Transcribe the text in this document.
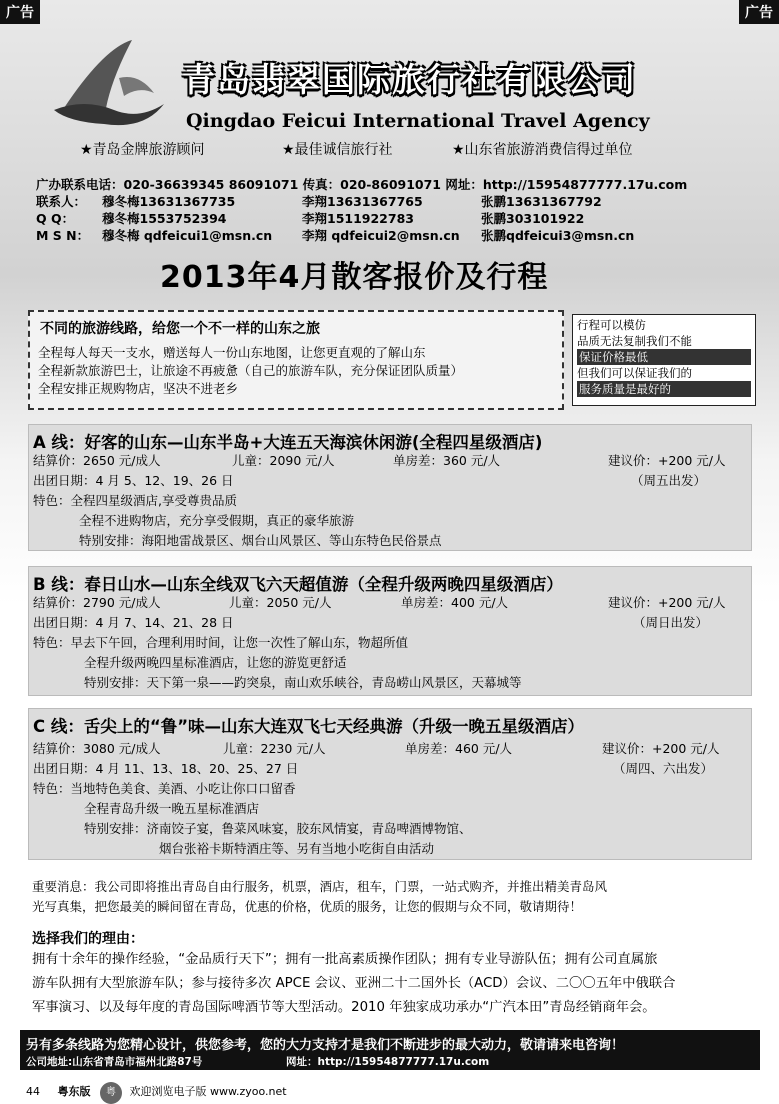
广告	广告
青岛翡翠国际旅行社有限公司
Qingdao Feicui International Travel Agency
★青岛金牌旅游顾问	★最佳诚信旅行社	★山东省旅游消费信得过单位
广办联系电话：020-36639345 86091071 传真：020-86091071 网址：http://15954877777.17u.com
联系人： 穆冬梅13631367735	李翔13631367765	张鹏13631367792
Q Q： 穆冬梅1553752394	李翔1511922783	张鹏303101922
M S N： 穆冬梅 qdfeicui1@msn.cn 李翔 qdfeicui2@msn.cn 张鹏qdfeicui3@msn.cn
2013年4月散客报价及行程
不同的旅游线路，给您一个不一样的山东之旅
全程每人每天一支水，赠送每人一份山东地图，让您更直观的了解山东
全程新款旅游巴士，让旅途不再疲惫（自己的旅游车队，充分保证团队质量）
全程安排正规购物店，坚决不进老乡
行程可以模仿
品质无法复制我们不能
保证价格最低
但我们可以保证我们的
服务质量是最好的
A 线：好客的山东—山东半岛+大连五天海滨休闲游(全程四星级酒店)
结算价：2650 元/成人	儿童：2090 元/人	单房差：360 元/人	建议价：+200 元/人
出团日期：4 月 5、12、19、26 日	（周五出发）
特色：全程四星级酒店,享受尊贵品质
全程不进购物店，充分享受假期，真正的豪华旅游
特别安排：海阳地雷战景区、烟台山风景区、等山东特色民俗景点
B 线：春日山水—山东全线双飞六天超值游（全程升级两晚四星级酒店）
结算价：2790 元/成人	儿童：2050 元/人	单房差：400 元/人	建议价：+200 元/人
出团日期：4 月 7、14、21、28 日	（周日出发）
特色：早去下午回，合理利用时间，让您一次性了解山东，物超所值
全程升级两晚四星标准酒店，让您的游览更舒适
特别安排：天下第一泉——趵突泉，南山欢乐峡谷，青岛崂山风景区，天幕城等
C 线：舌尖上的“鲁”味—山东大连双飞七天经典游（升级一晚五星级酒店）
结算价：3080 元/成人	儿童：2230 元/人	单房差：460 元/人	建议价：+200 元/人
出团日期：4 月 11、13、18、20、25、27 日	（周四、六出发）
特色：当地特色美食、美酒、小吃让你口口留香
全程青岛升级一晚五星标准酒店
特别安排：济南饺子宴，鲁菜风味宴，胶东风情宴，青岛啤酒博物馆、
烟台张裕卡斯特酒庄等、另有当地小吃街自由活动
重要消息：我公司即将推出青岛自由行服务，机票，酒店，租车，门票，一站式购齐，并推出精美青岛风
光写真集，把您最美的瞬间留在青岛，优惠的价格，优质的服务，让您的假期与众不同，敬请期待！
选择我们的理由：
拥有十余年的操作经验，“金品质行天下”；拥有一批高素质操作团队；拥有专业导游队伍；拥有公司直属旅
游车队拥有大型旅游车队；参与接待多次 APCE 会议、亚洲二十二国外长（ACD）会议、二〇〇五年中俄联合
军事演习、以及每年度的青岛国际啤酒节等大型活动。2010 年独家成功承办“广汽本田”青岛经销商年会。
另有多条线路为您精心设计，供您参考，您的大力支持才是我们不断进步的最大动力，敬请请来电咨询！
公司地址:山东省青岛市福州北路87号	网址：http://15954877777.17u.com
44 粤东版 粤 欢迎浏览电子版 www.zyoo.net
